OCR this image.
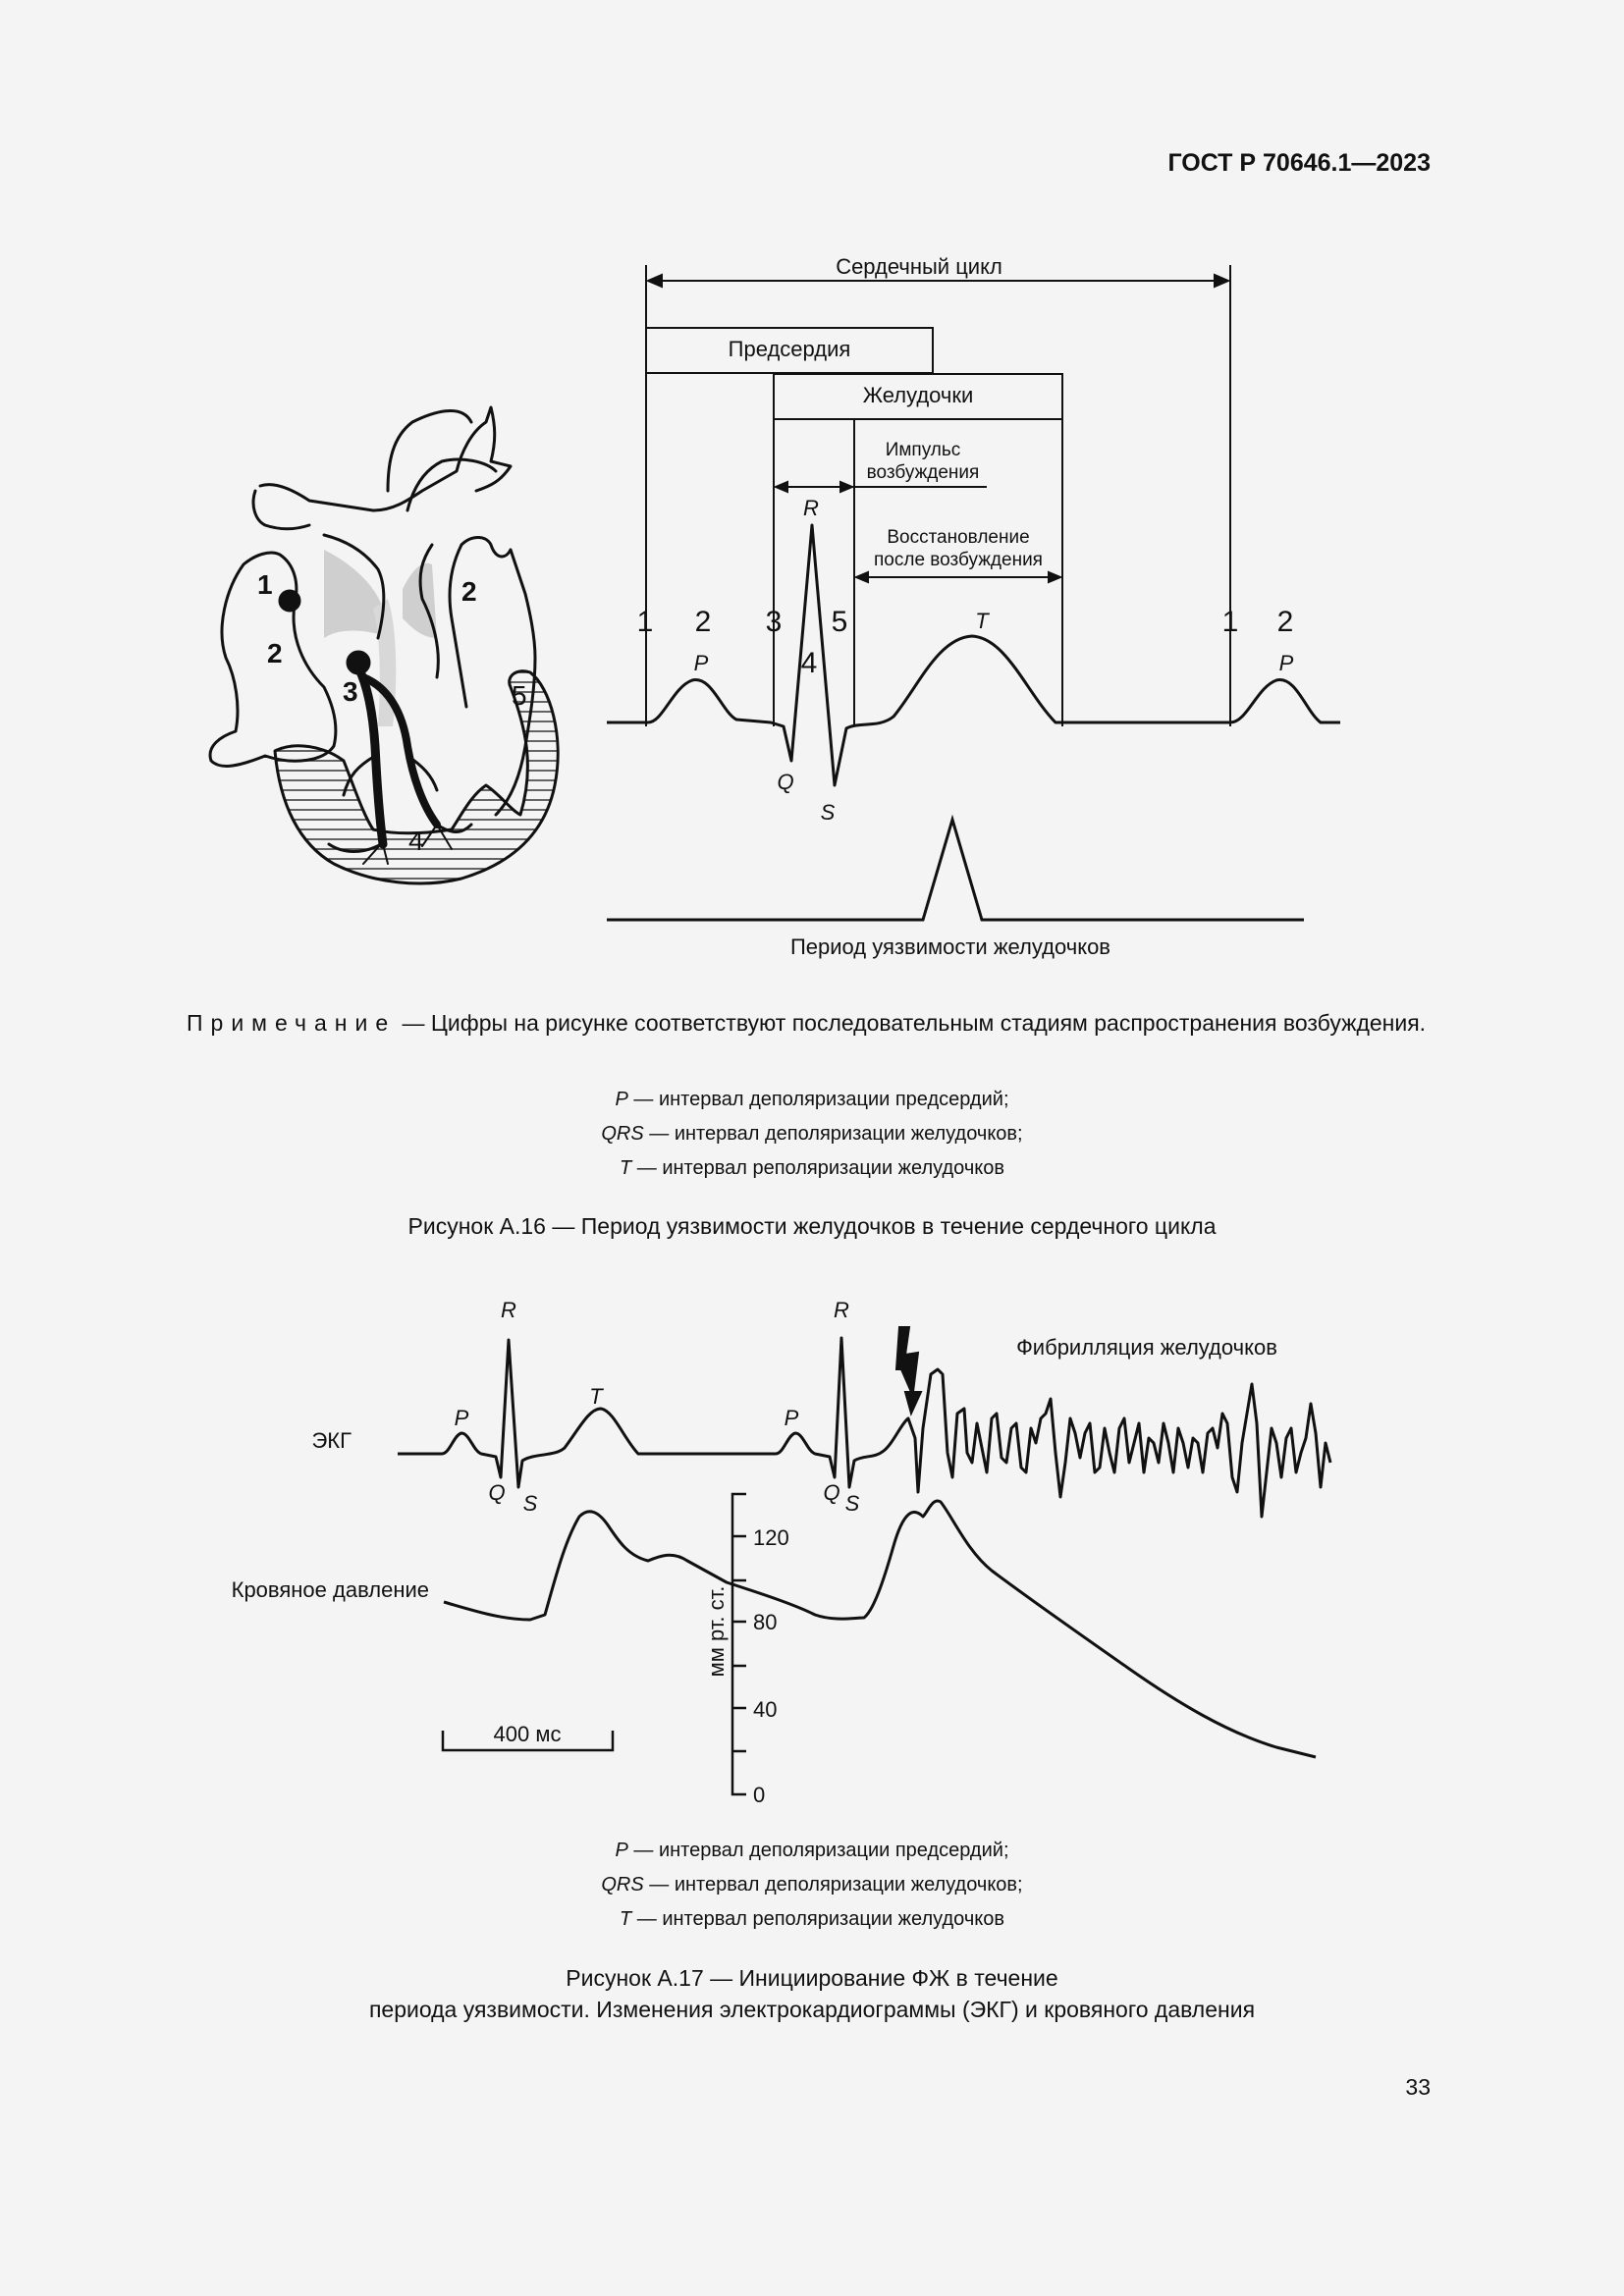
ГОСТ Р 70646.1—2023
1	2
2
3	5
4
Сердечный цикл
Предсердия
Желудочки
Импульс
возбуждения
Восстановление
после возбуждения
1 2 3
4
5	1 2
P
R
Q
S
T
P
Период уязвимости желудочков
ЭКГ
Фибрилляция желудочков
Кровяное давление
P
R
T
Q S
P
R
Q S
120
80
40
0
мм рт. ст.
400 мс
Примечание — Цифры на рисунке соответствуют последовательным стадиям распространения возбуждения.
P — интервал деполяризации предсердий;
QRS — интервал деполяризации желудочков;
T — интервал реполяризации желудочков
Рисунок А.16 — Период уязвимости желудочков в течение сердечного цикла
P — интервал деполяризации предсердий;
QRS — интервал деполяризации желудочков;
T — интервал реполяризации желудочков
Рисунок А.17 — Инициирование ФЖ в течение
периода уязвимости. Изменения электрокардиограммы (ЭКГ) и кровяного давления
33
